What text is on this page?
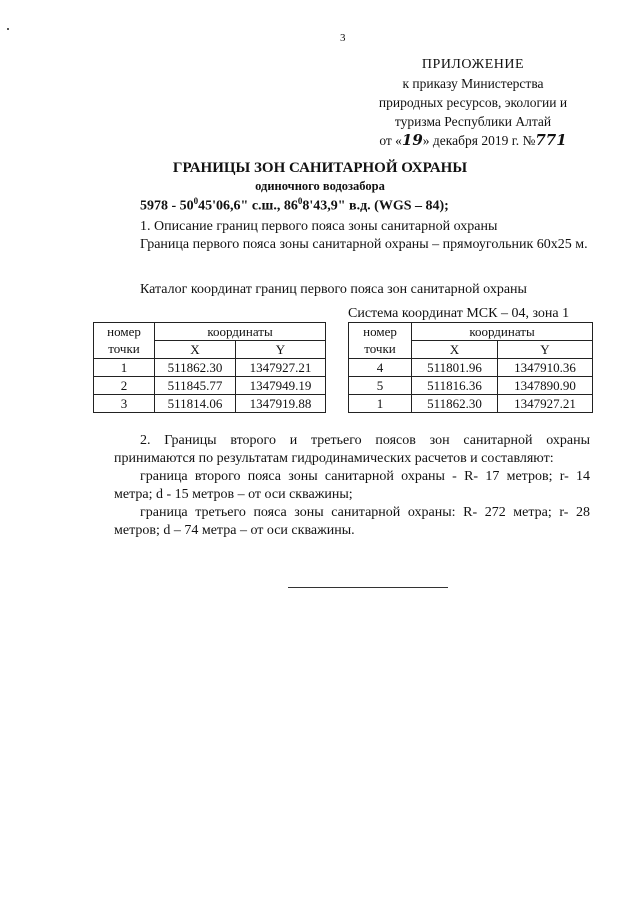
3
ПРИЛОЖЕНИЕ
к приказу Министерства
природных ресурсов, экологии и
туризма Республики Алтай
от «19» декабря 2019 г. №771
ГРАНИЦЫ ЗОН САНИТАРНОЙ ОХРАНЫ
одиночного водозабора
$5978 - 50^045'06,6$" с.ш., $86^08'43,9$" в.д. (WGS – 84);
1. Описание границ первого пояса зоны санитарной охраны
Граница первого пояса зоны санитарной охраны – прямоугольник 60х25 м.
Каталог координат границ первого пояса зон санитарной охраны
Система координат МСК – 04, зона 1
номер	координаты	
точки	X	Y
1	511862.30	1347927.21
2	511845.77	1347949.19
3	511814.06	1347919.88
номер	координаты	
точки	X	Y
4	511801.96	1347910.36
5	511816.36	1347890.90
1	511862.30	1347927.21
2. Границы второго и третьего поясов зон санитарной охраны принимаются по результатам гидродинамических расчетов и составляют:
граница второго пояса зоны санитарной охраны - R- 17 метров; r- 14 метра; d - 15 метров – от оси скважины;
граница третьего пояса зоны санитарной охраны: R- 272 метра; r- 28 метров; d – 74 метра – от оси скважины.
